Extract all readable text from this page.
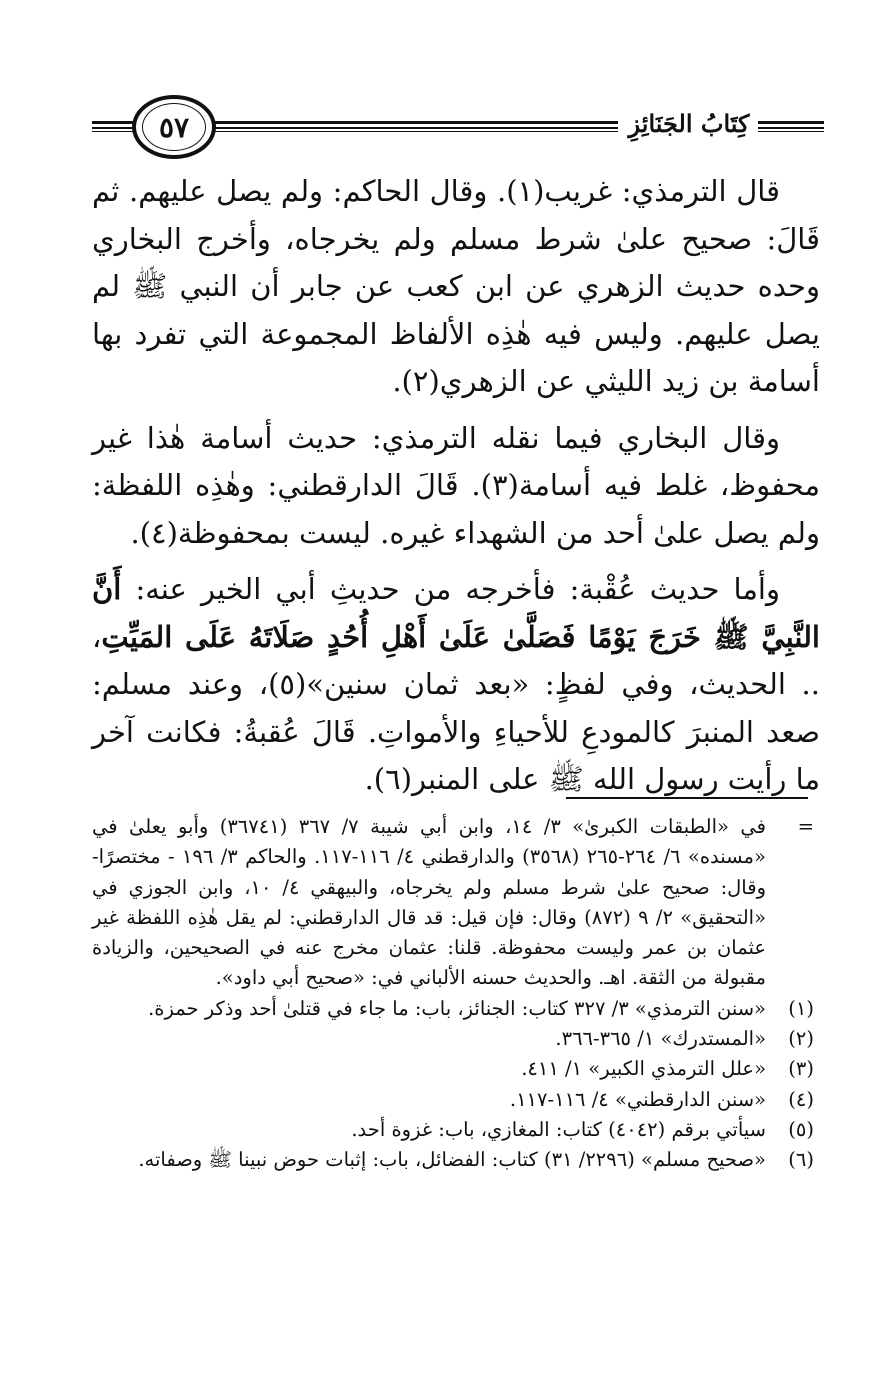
٥٧	كِتَابُ الجَنَائِزِ

قال الترمذي: غريب(١). وقال الحاكم: ولم يصل عليهم. ثم قَالَ: صحيح علىٰ شرط مسلم ولم يخرجاه، وأخرج البخاري وحده حديث الزهري عن ابن كعب عن جابر أن النبي ﷺ لم يصل عليهم. وليس فيه هٰذِه الألفاظ المجموعة التي تفرد بها أسامة بن زيد الليثي عن الزهري(٢).

وقال البخاري فيما نقله الترمذي: حديث أسامة هٰذا غير محفوظ، غلط فيه أسامة(٣). قَالَ الدارقطني: وهٰذِه اللفظة: ولم يصل علىٰ أحد من الشهداء غيره. ليست بمحفوظة(٤).

وأما حديث عُقْبة: فأخرجه من حديثِ أبي الخير عنه: أَنَّ النَّبِيَّ ﷺ خَرَجَ يَوْمًا فَصَلَّىٰ عَلَىٰ أَهْلِ أُحُدٍ صَلَاتَهُ عَلَى المَيِّتِ، .. الحديث، وفي لفظٍ: «بعد ثمان سنين»(٥)، وعند مسلم: صعد المنبرَ كالمودعِ للأحياءِ والأمواتِ. قَالَ عُقبةُ: فكانت آخر ما رأيت رسول الله ﷺ على المنبر(٦).

=
في «الطبقات الكبرىٰ» ٣/ ١٤، وابن أبي شيبة ٧/ ٣٦٧ (٣٦٧٤١) وأبو يعلىٰ في «مسنده» ٦/ ٢٦٤-٢٦٥ (٣٥٦٨) والدارقطني ٤/ ١١٦-١١٧. والحاكم ٣/ ١٩٦ - مختصرًا- وقال: صحيح علىٰ شرط مسلم ولم يخرجاه، والبيهقي ٤/ ١٠، وابن الجوزي في «التحقيق» ٢/ ٩ (٨٧٢) وقال: فإن قيل: قد قال الدارقطني: لم يقل هٰذِه اللفظة غير عثمان بن عمر وليست محفوظة. قلنا: عثمان مخرج عنه في الصحيحين، والزيادة مقبولة من الثقة. اهـ. والحديث حسنه الألباني في: «صحيح أبي داود».
(١)
«سنن الترمذي» ٣/ ٣٢٧ كتاب: الجنائز، باب: ما جاء في قتلىٰ أحد وذكر حمزة.
(٢)
«المستدرك» ١/ ٣٦٥-٣٦٦.
(٣)
«علل الترمذي الكبير» ١/ ٤١١.
(٤)
«سنن الدارقطني» ٤/ ١١٦-١١٧.
(٥)
سيأتي برقم (٤٠٤٢) كتاب: المغازي، باب: غزوة أحد.
(٦)
«صحيح مسلم» (٢٢٩٦/ ٣١) كتاب: الفضائل، باب: إثبات حوض نبينا ﷺ وصفاته.
